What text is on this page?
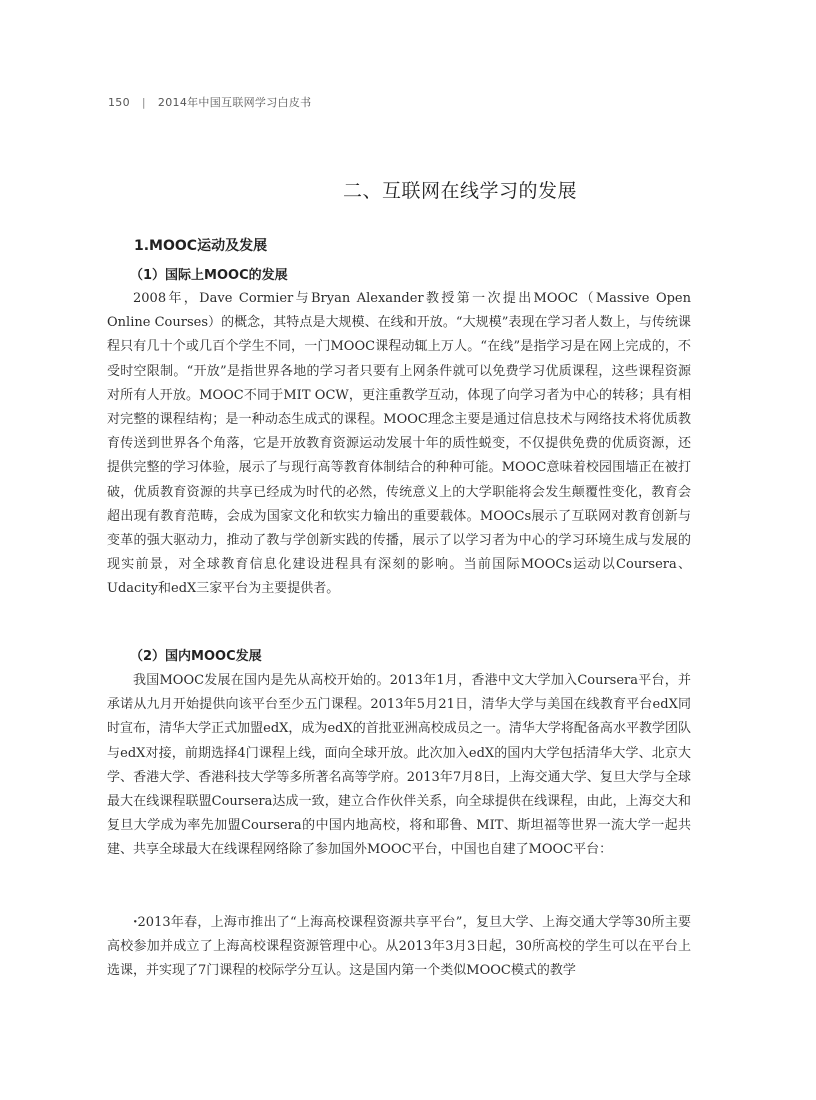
150 | 2014年中国互联网学习白皮书
二、互联网在线学习的发展
1.MOOC运动及发展
（1）国际上MOOC的发展

2008年，Dave Cormier与Bryan Alexander教授第一次提出MOOC（Massive Open Online Courses）的概念，其特点是大规模、在线和开放。“大规模”表现在学习者人数上，与传统课程只有几十个或几百个学生不同，一门MOOC课程动辄上万人。“在线”是指学习是在网上完成的，不受时空限制。“开放”是指世界各地的学习者只要有上网条件就可以免费学习优质课程，这些课程资源对所有人开放。MOOC不同于MIT OCW，更注重教学互动，体现了向学习者为中心的转移；具有相对完整的课程结构；是一种动态生成式的课程。MOOC理念主要是通过信息技术与网络技术将优质教育传送到世界各个角落，它是开放教育资源运动发展十年的质性蜕变，不仅提供免费的优质资源，还提供完整的学习体验，展示了与现行高等教育体制结合的种种可能。MOOC意味着校园围墙正在被打破，优质教育资源的共享已经成为时代的必然，传统意义上的大学职能将会发生颠覆性变化，教育会超出现有教育范畴，会成为国家文化和软实力输出的重要载体。MOOCs展示了互联网对教育创新与变革的强大驱动力，推动了教与学创新实践的传播，展示了以学习者为中心的学习环境生成与发展的现实前景，对全球教育信息化建设进程具有深刻的影响。当前国际MOOCs运动以Coursera、Udacity和edX三家平台为主要提供者。

（2）国内MOOC发展

我国MOOC发展在国内是先从高校开始的。2013年1月，香港中文大学加入Coursera平台，并承诺从九月开始提供向该平台至少五门课程。2013年5月21日，清华大学与美国在线教育平台edX同时宣布，清华大学正式加盟edX，成为edX的首批亚洲高校成员之一。清华大学将配备高水平教学团队与edX对接，前期选择4门课程上线，面向全球开放。此次加入edX的国内大学包括清华大学、北京大学、香港大学、香港科技大学等多所著名高等学府。2013年7月8日，上海交通大学、复旦大学与全球最大在线课程联盟Coursera达成一致，建立合作伙伴关系，向全球提供在线课程，由此，上海交大和复旦大学成为率先加盟Coursera的中国内地高校，将和耶鲁、MIT、斯坦福等世界一流大学一起共建、共享全球最大在线课程网络除了参加国外MOOC平台，中国也自建了MOOC平台：

·2013年春，上海市推出了“上海高校课程资源共享平台”，复旦大学、上海交通大学等30所主要高校参加并成立了上海高校课程资源管理中心。从2013年3月3日起，30所高校的学生可以在平台上选课，并实现了7门课程的校际学分互认。这是国内第一个类似MOOC模式的教学
